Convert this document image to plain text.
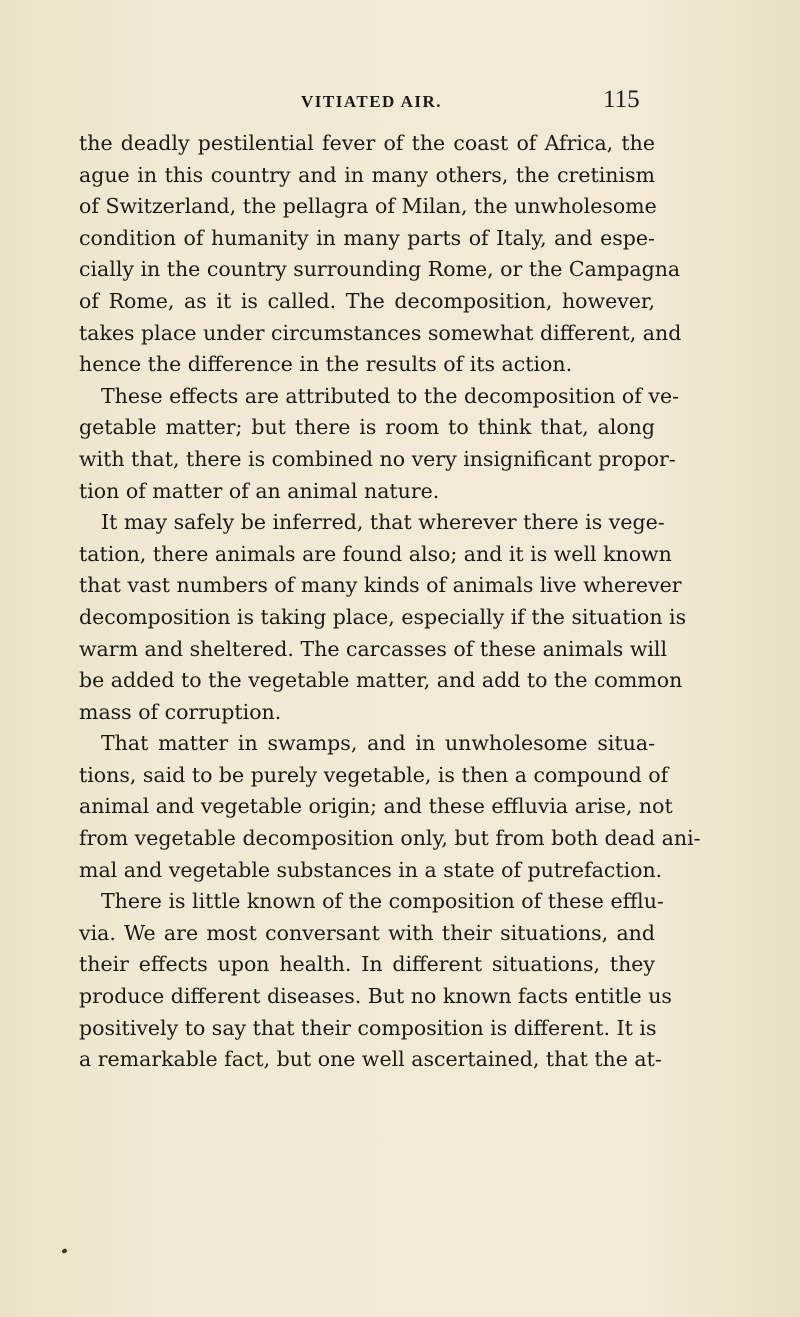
VITIATED AIR.	115
the deadly pestilential fever of the coast of Africa, the
ague in this country and in many others, the cretinism
of Switzerland, the pellagra of Milan, the unwholesome
condition of humanity in many parts of Italy, and espe-
cially in the country surrounding Rome, or the Campagna
of Rome, as it is called. The decomposition, however,
takes place under circumstances somewhat different, and
hence the difference in the results of its action.
These effects are attributed to the decomposition of ve-
getable matter; but there is room to think that, along
with that, there is combined no very insignificant propor-
tion of matter of an animal nature.
It may safely be inferred, that wherever there is vege-
tation, there animals are found also; and it is well known
that vast numbers of many kinds of animals live wherever
decomposition is taking place, especially if the situation is
warm and sheltered. The carcasses of these animals will
be added to the vegetable matter, and add to the common
mass of corruption.
That matter in swamps, and in unwholesome situa-
tions, said to be purely vegetable, is then a compound of
animal and vegetable origin; and these effluvia arise, not
from vegetable decomposition only, but from both dead ani-
mal and vegetable substances in a state of putrefaction.
There is little known of the composition of these efflu-
via. We are most conversant with their situations, and
their effects upon health. In different situations, they
produce different diseases. But no known facts entitle us
positively to say that their composition is different. It is
a remarkable fact, but one well ascertained, that the at-
